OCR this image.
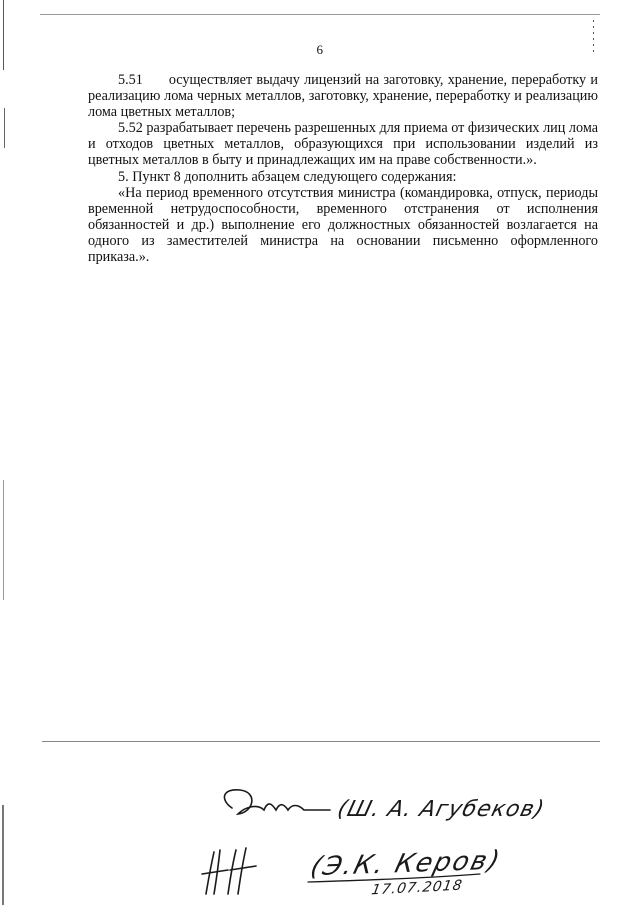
6

5.51 осуществляет выдачу лицензий на заготовку, хранение, переработку и реализацию лома черных металлов, заготовку, хранение, переработку и реализацию лома цветных металлов;

5.52 разрабатывает перечень разрешенных для приема от физических лиц лома и отходов цветных металлов, образующихся при использовании изделий из цветных металлов в быту и принадлежащих им на праве собственности.».

5. Пункт 8 дополнить абзацем следующего содержания:

«На период временного отсутствия министра (командировка, отпуск, периоды временной нетрудоспособности, временного отстранения от исполнения обязанностей и др.) выполнение его должностных обязанностей возлагается на одного из заместителей министра на основании письменно оформленного приказа.».

(Ш. А. Агубеков)
(Э.К. Керов)
17.07.2018
